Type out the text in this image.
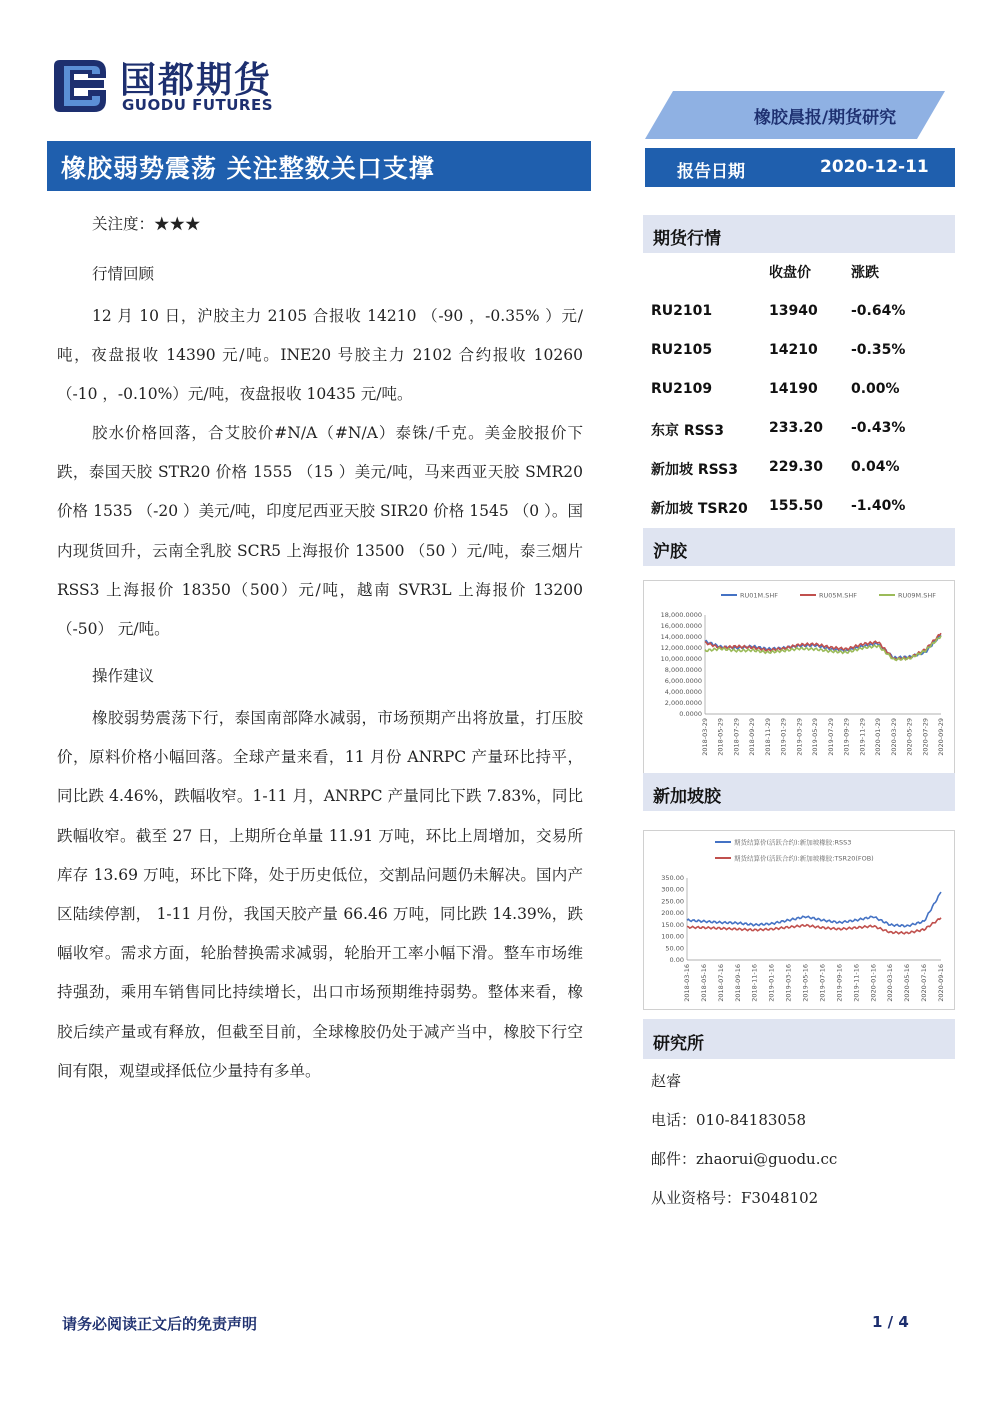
国都期货
GUODU FUTURES
橡胶晨报/期货研究
橡胶弱势震荡 关注整数关口支撑	报告日期	2020-12-11
关注度：★★★
行情回顾

12 月 10 日，沪胶主力 2105 合报收 14210 （-90 ，-0.35% ）元/吨，夜盘报收 14390 元/吨。INE20 号胶主力 2102 合约报收 10260 （-10 ，-0.10%）元/吨，夜盘报收 10435 元/吨。

胶水价格回落，合艾胶价#N/A（#N/A）泰铢/千克。美金胶报价下跌，泰国天胶 STR20 价格 1555 （15 ）美元/吨，马来西亚天胶 SMR20 价格 1535 （-20 ）美元/吨，印度尼西亚天胶 SIR20 价格 1545 （0 ）。国内现货回升，云南全乳胶 SCR5 上海报价 13500 （50 ）元/吨，泰三烟片 RSS3 上海报价 18350（500）元/吨，越南 SVR3L 上海报价 13200 （-50） 元/吨。

操作建议

橡胶弱势震荡下行，泰国南部降水减弱，市场预期产出将放量，打压胶价，原料价格小幅回落。全球产量来看，11 月份 ANRPC 产量环比持平，同比跌 4.46%，跌幅收窄。1-11 月，ANRPC 产量同比下跌 7.83%，同比跌幅收窄。截至 27 日，上期所仓单量 11.91 万吨，环比上周增加，交易所库存 13.69 万吨，环比下降，处于历史低位，交割品问题仍未解决。国内产区陆续停割， 1-11 月份，我国天胶产量 66.46 万吨，同比跌 14.39%，跌幅收窄。需求方面，轮胎替换需求减弱，轮胎开工率小幅下滑。整车市场维持强劲，乘用车销售同比持续增长，出口市场预期维持弱势。整体来看，橡胶后续产量或有释放，但截至目前，全球橡胶仍处于减产当中，橡胶下行空间有限，观望或择低位少量持有多单。

期货行情
收盘价	涨跌
RU2101	13940 -0.64%
RU2105	14210 -0.35%
RU2109	14190 0.00%
东京 RSS3	233.20 -0.43%
新加坡 RSS3 229.30 0.04%
新加坡 TSR20 155.50 -1.40%
沪胶
RU01M.SHF	RU05M.SHF	RU09M.SHF
18,000.0000
16,000.0000
14,000.0000
12,000.0000
10,000.0000
8,000.0000
6,000.0000
4,000.0000
2,000.0000
0.0000
2018-03-29 2018-05-29 2018-07-29 2018-09-29 2018-11-29 2019-01-29 2019-03-29 2019-05-29 2019-07-29 2019-09-29 2019-11-29 2020-01-29 2020-03-29 2020-05-29 2020-07-29 2020-09-29
新加坡胶
期货结算价(活跃合约):新加坡橡胶:RSS3
期货结算价(活跃合约):新加坡橡胶:TSR20(FOB)
350.00
300.00
250.00
200.00
150.00
100.00
50.00
0.00
2018-03-16 2018-05-16 2018-07-16 2018-09-16 2018-11-16 2019-01-16 2019-03-16 2019-05-16 2019-07-16 2019-09-16 2019-11-16 2020-01-16 2020-03-16 2020-05-16 2020-07-16 2020-09-16
研究所
赵睿
电话：010-84183058
邮件：zhaorui@guodu.cc
从业资格号：F3048102
请务必阅读正文后的免责声明	1 / 4
